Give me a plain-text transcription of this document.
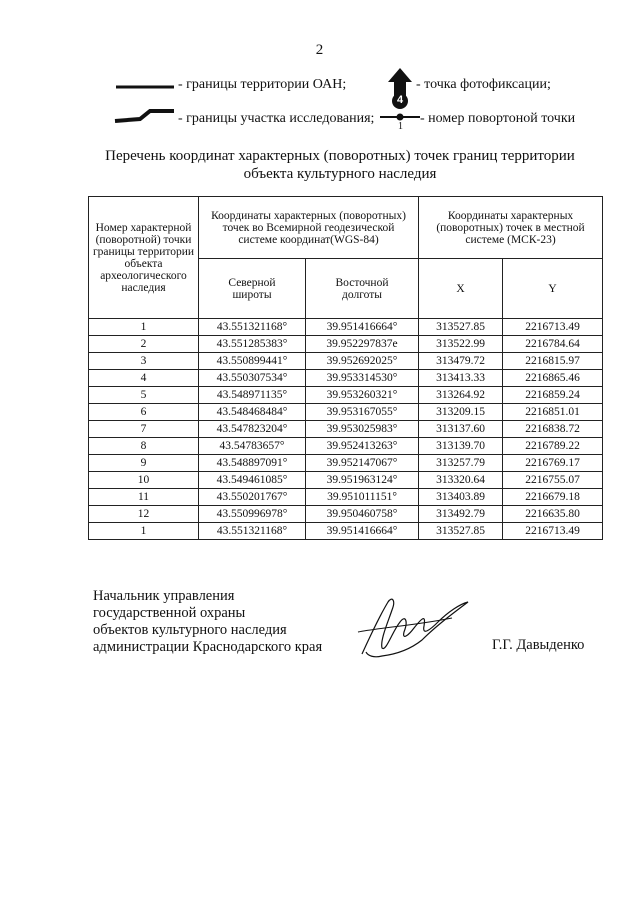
2
- границы территории ОАН;
4
- точка фотофиксации;
- границы участка исследования;
1
- номер повортоной точки
Перечень координат характерных (поворотных) точек границ территории
объекта культурного наследия
Номер характерной (поворотной) точки границы территории объекта археологического наследия	Координаты характерных (поворотных) точек во Всемирной геодезической системе координат(WGS-84)		Координаты характерных (поворотных) точек в местной системе (МСК-23)	
	Северной широты	Восточной долготы	X	Y
1	43.551321168°	39.951416664°	313527.85	2216713.49
2	43.551285383°	39.952297837е	313522.99	2216784.64
3	43.550899441°	39.952692025°	313479.72	2216815.97
4	43.550307534°	39.953314530°	313413.33	2216865.46
5	43.548971135°	39.953260321°	313264.92	2216859.24
6	43.548468484°	39.953167055°	313209.15	2216851.01
7	43.547823204°	39.953025983°	313137.60	2216838.72
8	43.54783657°	39.952413263°	313139.70	2216789.22
9	43.548897091°	39.952147067°	313257.79	2216769.17
10	43.549461085°	39.951963124°	313320.64	2216755.07
11	43.550201767°	39.951011151°	313403.89	2216679.18
12	43.550996978°	39.950460758°	313492.79	2216635.80
1	43.551321168°	39.951416664°	313527.85	2216713.49
Начальник управления
государственной охраны
объектов культурного наследия
администрации Краснодарского края	Г.Г. Давыденко
